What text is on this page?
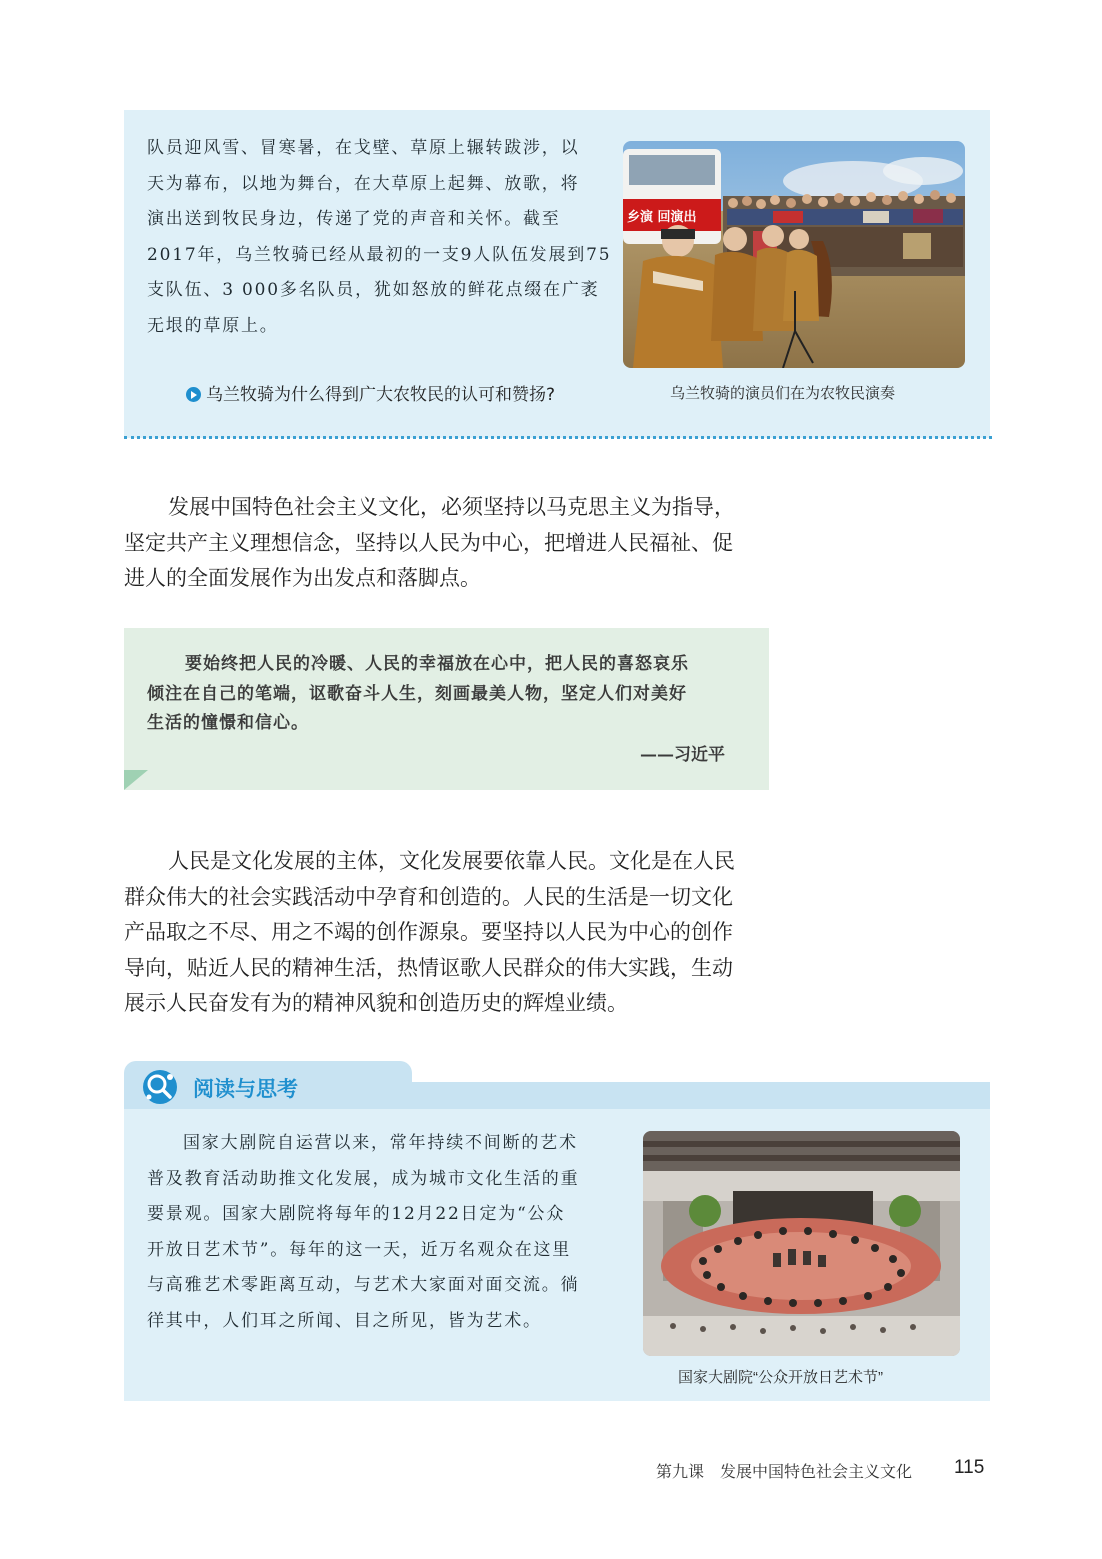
队员迎风雪、冒寒暑，在戈壁、草原上辗转跋涉，以
天为幕布，以地为舞台，在大草原上起舞、放歌，将
演出送到牧民身边，传递了党的声音和关怀。截至
2017年，乌兰牧骑已经从最初的一支9人队伍发展到75
支队伍、3 000多名队员，犹如怒放的鲜花点缀在广袤
无垠的草原上。
乡演 回演出
乌兰牧骑的演员们在为农牧民演奏
乌兰牧骑为什么得到广大农牧民的认可和赞扬?
发展中国特色社会主义文化，必须坚持以马克思主义为指导，
坚定共产主义理想信念，坚持以人民为中心，把增进人民福祉、促
进人的全面发展作为出发点和落脚点。
要始终把人民的冷暖、人民的幸福放在心中，把人民的喜怒哀乐
倾注在自己的笔端，讴歌奋斗人生，刻画最美人物，坚定人们对美好
生活的憧憬和信心。
——习近平
人民是文化发展的主体，文化发展要依靠人民。文化是在人民
群众伟大的社会实践活动中孕育和创造的。人民的生活是一切文化
产品取之不尽、用之不竭的创作源泉。要坚持以人民为中心的创作
导向，贴近人民的精神生活，热情讴歌人民群众的伟大实践，生动
展示人民奋发有为的精神风貌和创造历史的辉煌业绩。
阅读与思考
国家大剧院自运营以来，常年持续不间断的艺术
普及教育活动助推文化发展，成为城市文化生活的重
要景观。国家大剧院将每年的12月22日定为“公众
开放日艺术节”。每年的这一天，近万名观众在这里
与高雅艺术零距离互动，与艺术大家面对面交流。徜
徉其中，人们耳之所闻、目之所见，皆为艺术。
国家大剧院“公众开放日艺术节”
第九课　发展中国特色社会主义文化 115
